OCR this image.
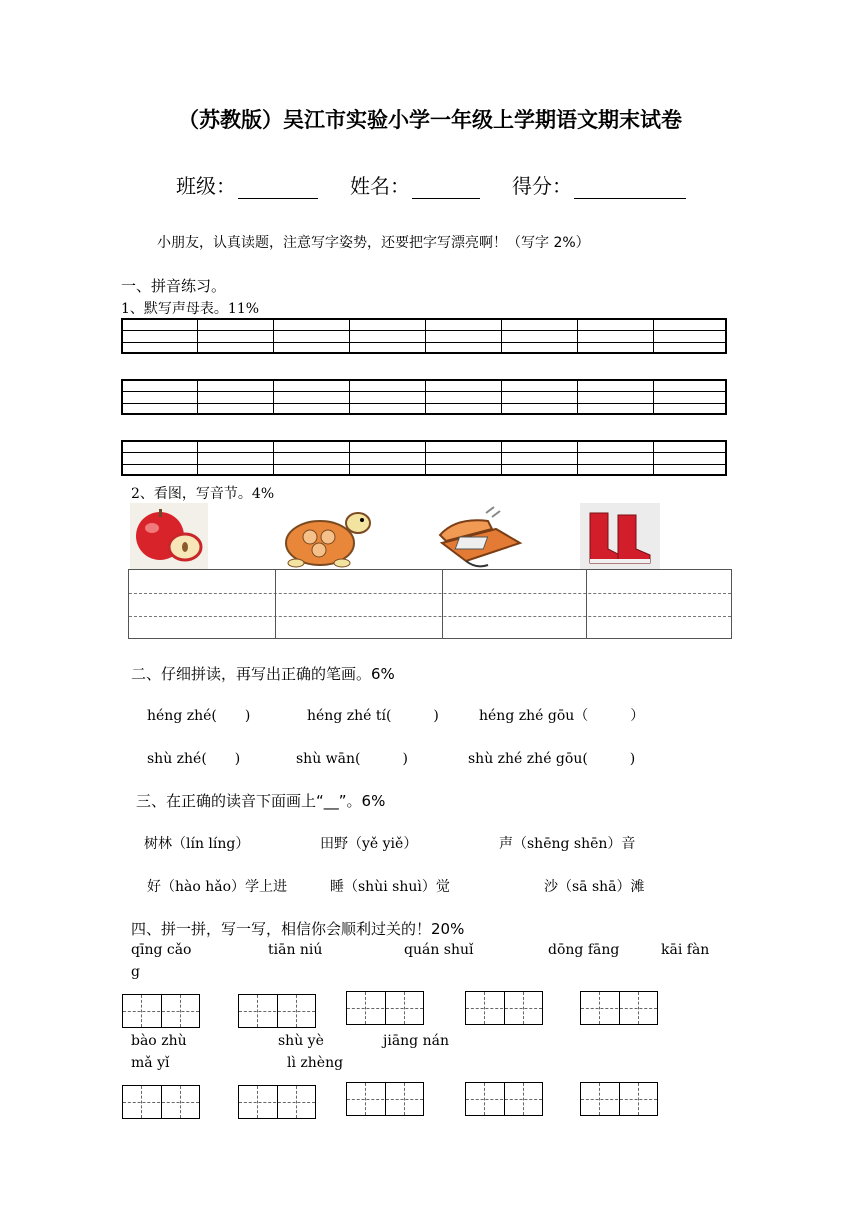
（苏教版）吴江市实验小学一年级上学期语文期末试卷
班级：	姓名：	得分：
小朋友，认真读题，注意写字姿势，还要把字写漂亮啊！（写字 2%）
一、拼音练习。
1、默写声母表。11%
2、看图，写音节。4%
二、仔细拼读，再写出正确的笔画。6%
héng zhé(　　)	héng zhé tí(　　　)	héng zhé gōu（　　　）
shù zhé(　　)	shù wān(　　　)	shù zhé zhé gōu(　　　)
三、在正确的读音下面画上“__”。6%
树林（lín líng）	田野（yě yiě）	声（shēng shēn）音
好（hào hǎo）学上进	睡（shùi shuì）觉	沙（sā shā）滩
四、拼一拼，写一写，相信你会顺利过关的！20%
qīng cǎo	tiān niú	quán shuǐ	dōng fāng	kāi fàn
g
bào zhù	shù yè	jiāng nán
mǎ yǐ	lì zhèng
